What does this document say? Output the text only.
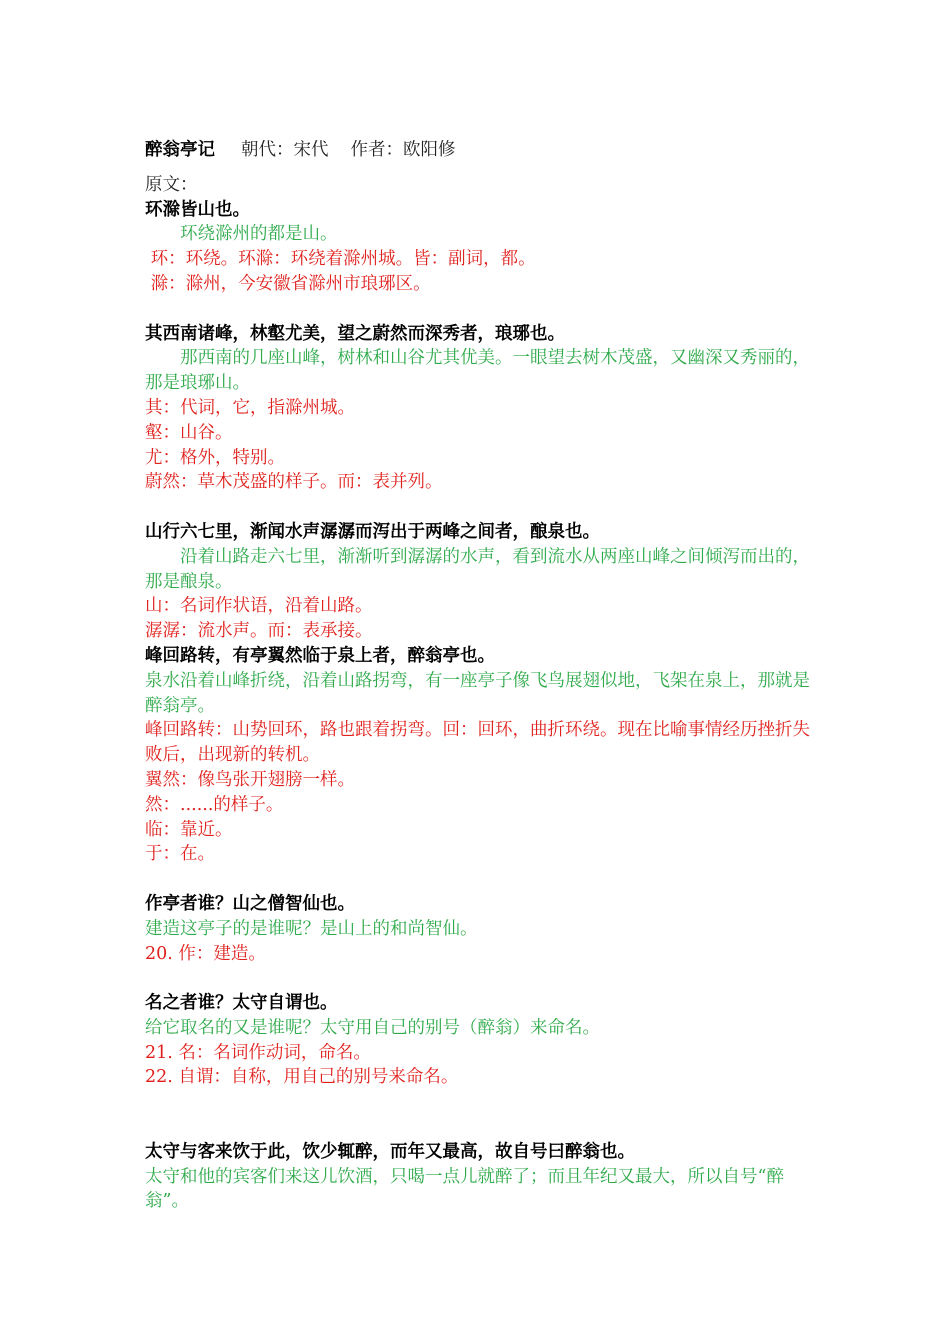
醉翁亭记 朝代：宋代 作者：欧阳修

原文：

环滁皆山也。

　　环绕滁州的都是山。

环：环绕。环滁：环绕着滁州城。皆：副词，都。

滁：滁州，今安徽省滁州市琅琊区。

其西南诸峰，林壑尤美，望之蔚然而深秀者，琅琊也。

　　那西南的几座山峰，树林和山谷尤其优美。一眼望去树木茂盛，又幽深又秀丽的，那是琅琊山。

其：代词，它，指滁州城。

壑：山谷。

尤：格外，特别。

蔚然：草木茂盛的样子。而：表并列。

山行六七里，渐闻水声潺潺而泻出于两峰之间者，酿泉也。

　　沿着山路走六七里，渐渐听到潺潺的水声，看到流水从两座山峰之间倾泻而出的，那是酿泉。

山：名词作状语，沿着山路。

潺潺：流水声。而：表承接。

峰回路转，有亭翼然临于泉上者，醉翁亭也。

泉水沿着山峰折绕，沿着山路拐弯，有一座亭子像飞鸟展翅似地，飞架在泉上，那就是醉翁亭。

峰回路转：山势回环，路也跟着拐弯。回：回环，曲折环绕。现在比喻事情经历挫折失败后，出现新的转机。

翼然：像鸟张开翅膀一样。

然：......的样子。

临：靠近。

于：在。

作亭者谁？山之僧智仙也。

建造这亭子的是谁呢？是山上的和尚智仙。

20. 作：建造。

名之者谁？太守自谓也。

给它取名的又是谁呢？太守用自己的别号（醉翁）来命名。

21. 名：名词作动词，命名。

22. 自谓：自称，用自己的别号来命名。

太守与客来饮于此，饮少辄醉，而年又最高，故自号曰醉翁也。

太守和他的宾客们来这儿饮酒，只喝一点儿就醉了；而且年纪又最大，所以自号“醉翁”。
